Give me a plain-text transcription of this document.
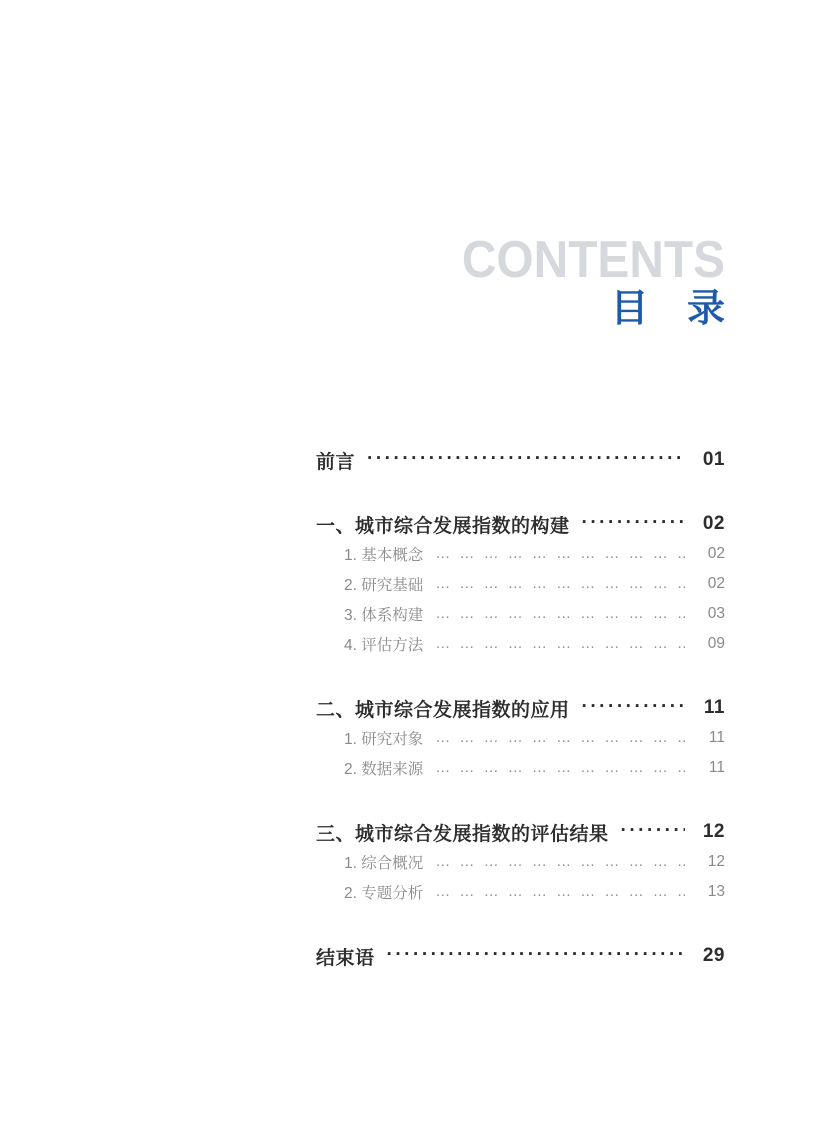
CONTENTS
目 录
前言 ·····	01
一、城市综合发展指数的构建 ·····	02
1. 基本概念 … … … … … … … … … … … … … … … … … … … … … … … … … … … … … …	02
2. 研究基础 … … … … … … … … … … … … … … … … … … … … … … … … … … … … … …	02
3. 体系构建 … … … … … … … … … … … … … … … … … … … … … … … … … … … … … …	03
4. 评估方法 … … … … … … … … … … … … … … … … … … … … … … … … … … … … … …	09
二、城市综合发展指数的应用 ·····	11
1. 研究对象 … … … … … … … … … … … … … … … … … … … … … … … … … … … … … …	11
2. 数据来源 … … … … … … … … … … … … … … … … … … … … … … … … … … … … … …	11
三、城市综合发展指数的评估结果 ·····	12
1. 综合概况 … … … … … … … … … … … … … … … … … … … … … … … … … … … … … …	12
2. 专题分析 … … … … … … … … … … … … … … … … … … … … … … … … … … … … … …	13
结束语 ·····	29
